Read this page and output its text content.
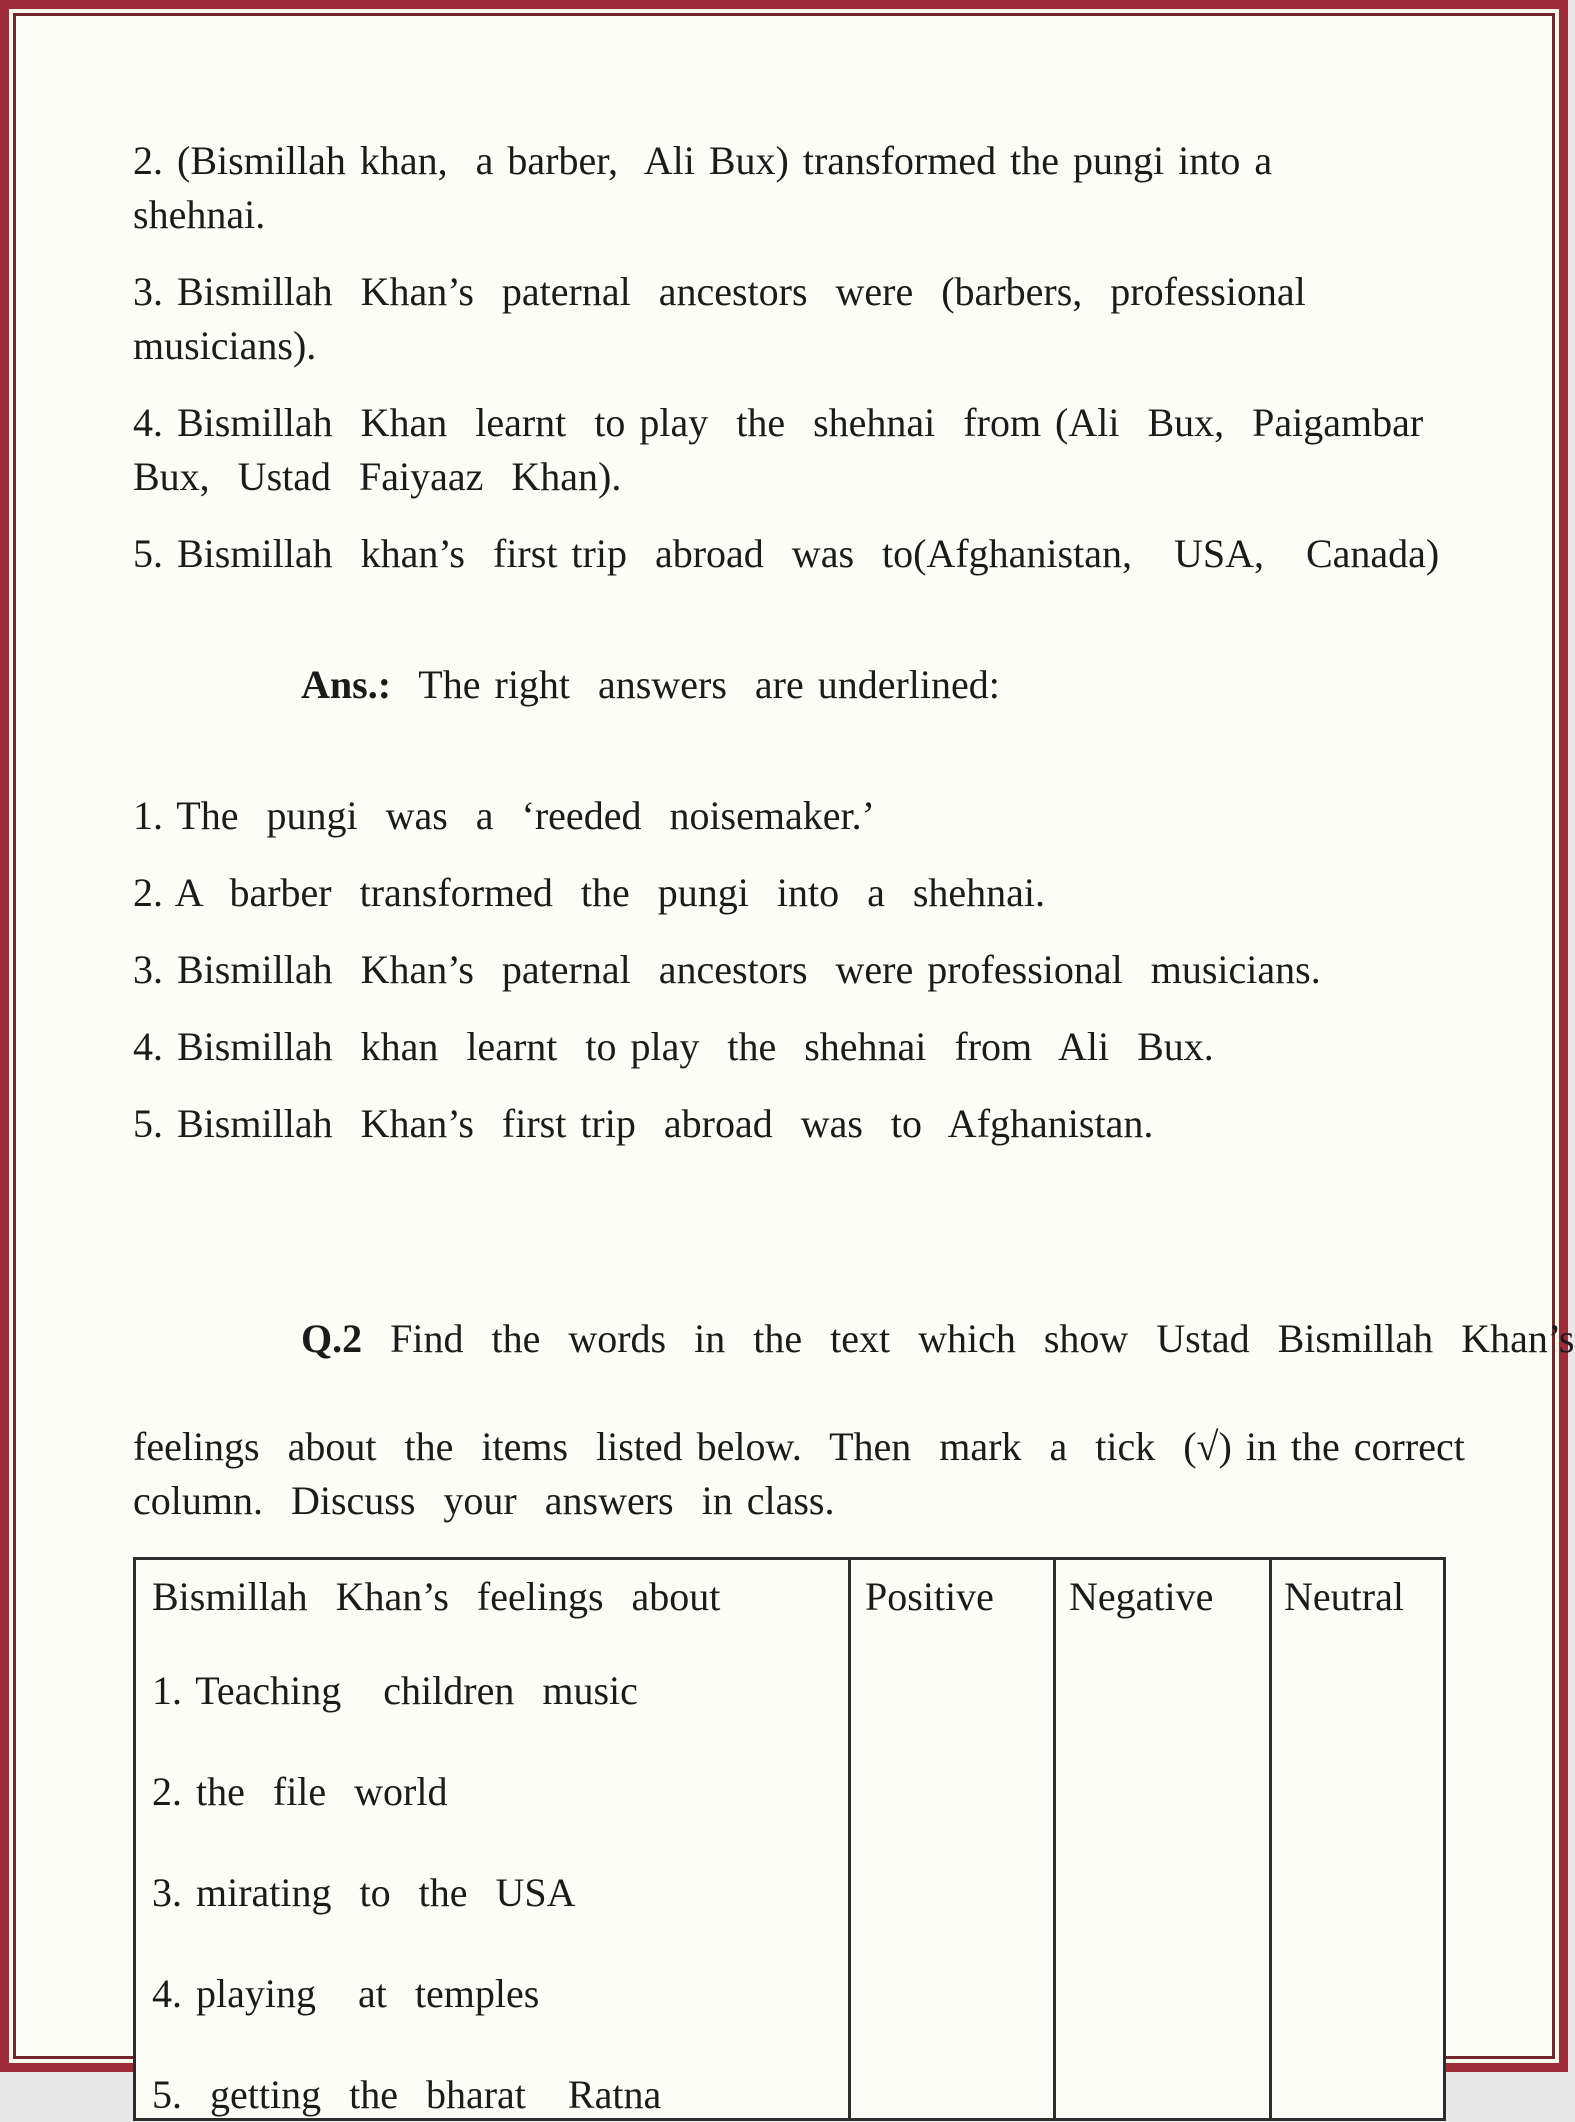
2. (Bismillah khan,  a barber,  Ali Bux) transformed the pungi into a
shehnai.
3. Bismillah  Khan’s  paternal  ancestors  were  (barbers,  professional
musicians).
4. Bismillah  Khan  learnt  to play  the  shehnai  from (Ali  Bux,  Paigambar
Bux,  Ustad  Faiyaaz  Khan).
5. Bismillah  khan’s  first trip  abroad  was  to(Afghanistan,   USA,   Canada)

Ans.:  The right  answers  are underlined:

1. The  pungi  was  a  ‘reeded  noisemaker.’
2. A  barber  transformed  the  pungi  into  a  shehnai.
3. Bismillah  Khan’s  paternal  ancestors  were professional  musicians.
4. Bismillah  khan  learnt  to play  the  shehnai  from  Ali  Bux.
5. Bismillah  Khan’s  first trip  abroad  was  to  Afghanistan.

Q.2  Find  the  words  in  the  text  which  show  Ustad  Bismillah  Khan’s

feelings  about  the  items  listed below.  Then  mark  a  tick  (√) in the correct
column.  Discuss  your  answers  in class.
Bismillah  Khan’s  feelings  about
1. Teaching   children  music
2. the  file  world
3. mirating  to  the  USA
4. playing   at  temples
5.  getting  the  bharat   Ratna
Positive	Negative	Neutral
